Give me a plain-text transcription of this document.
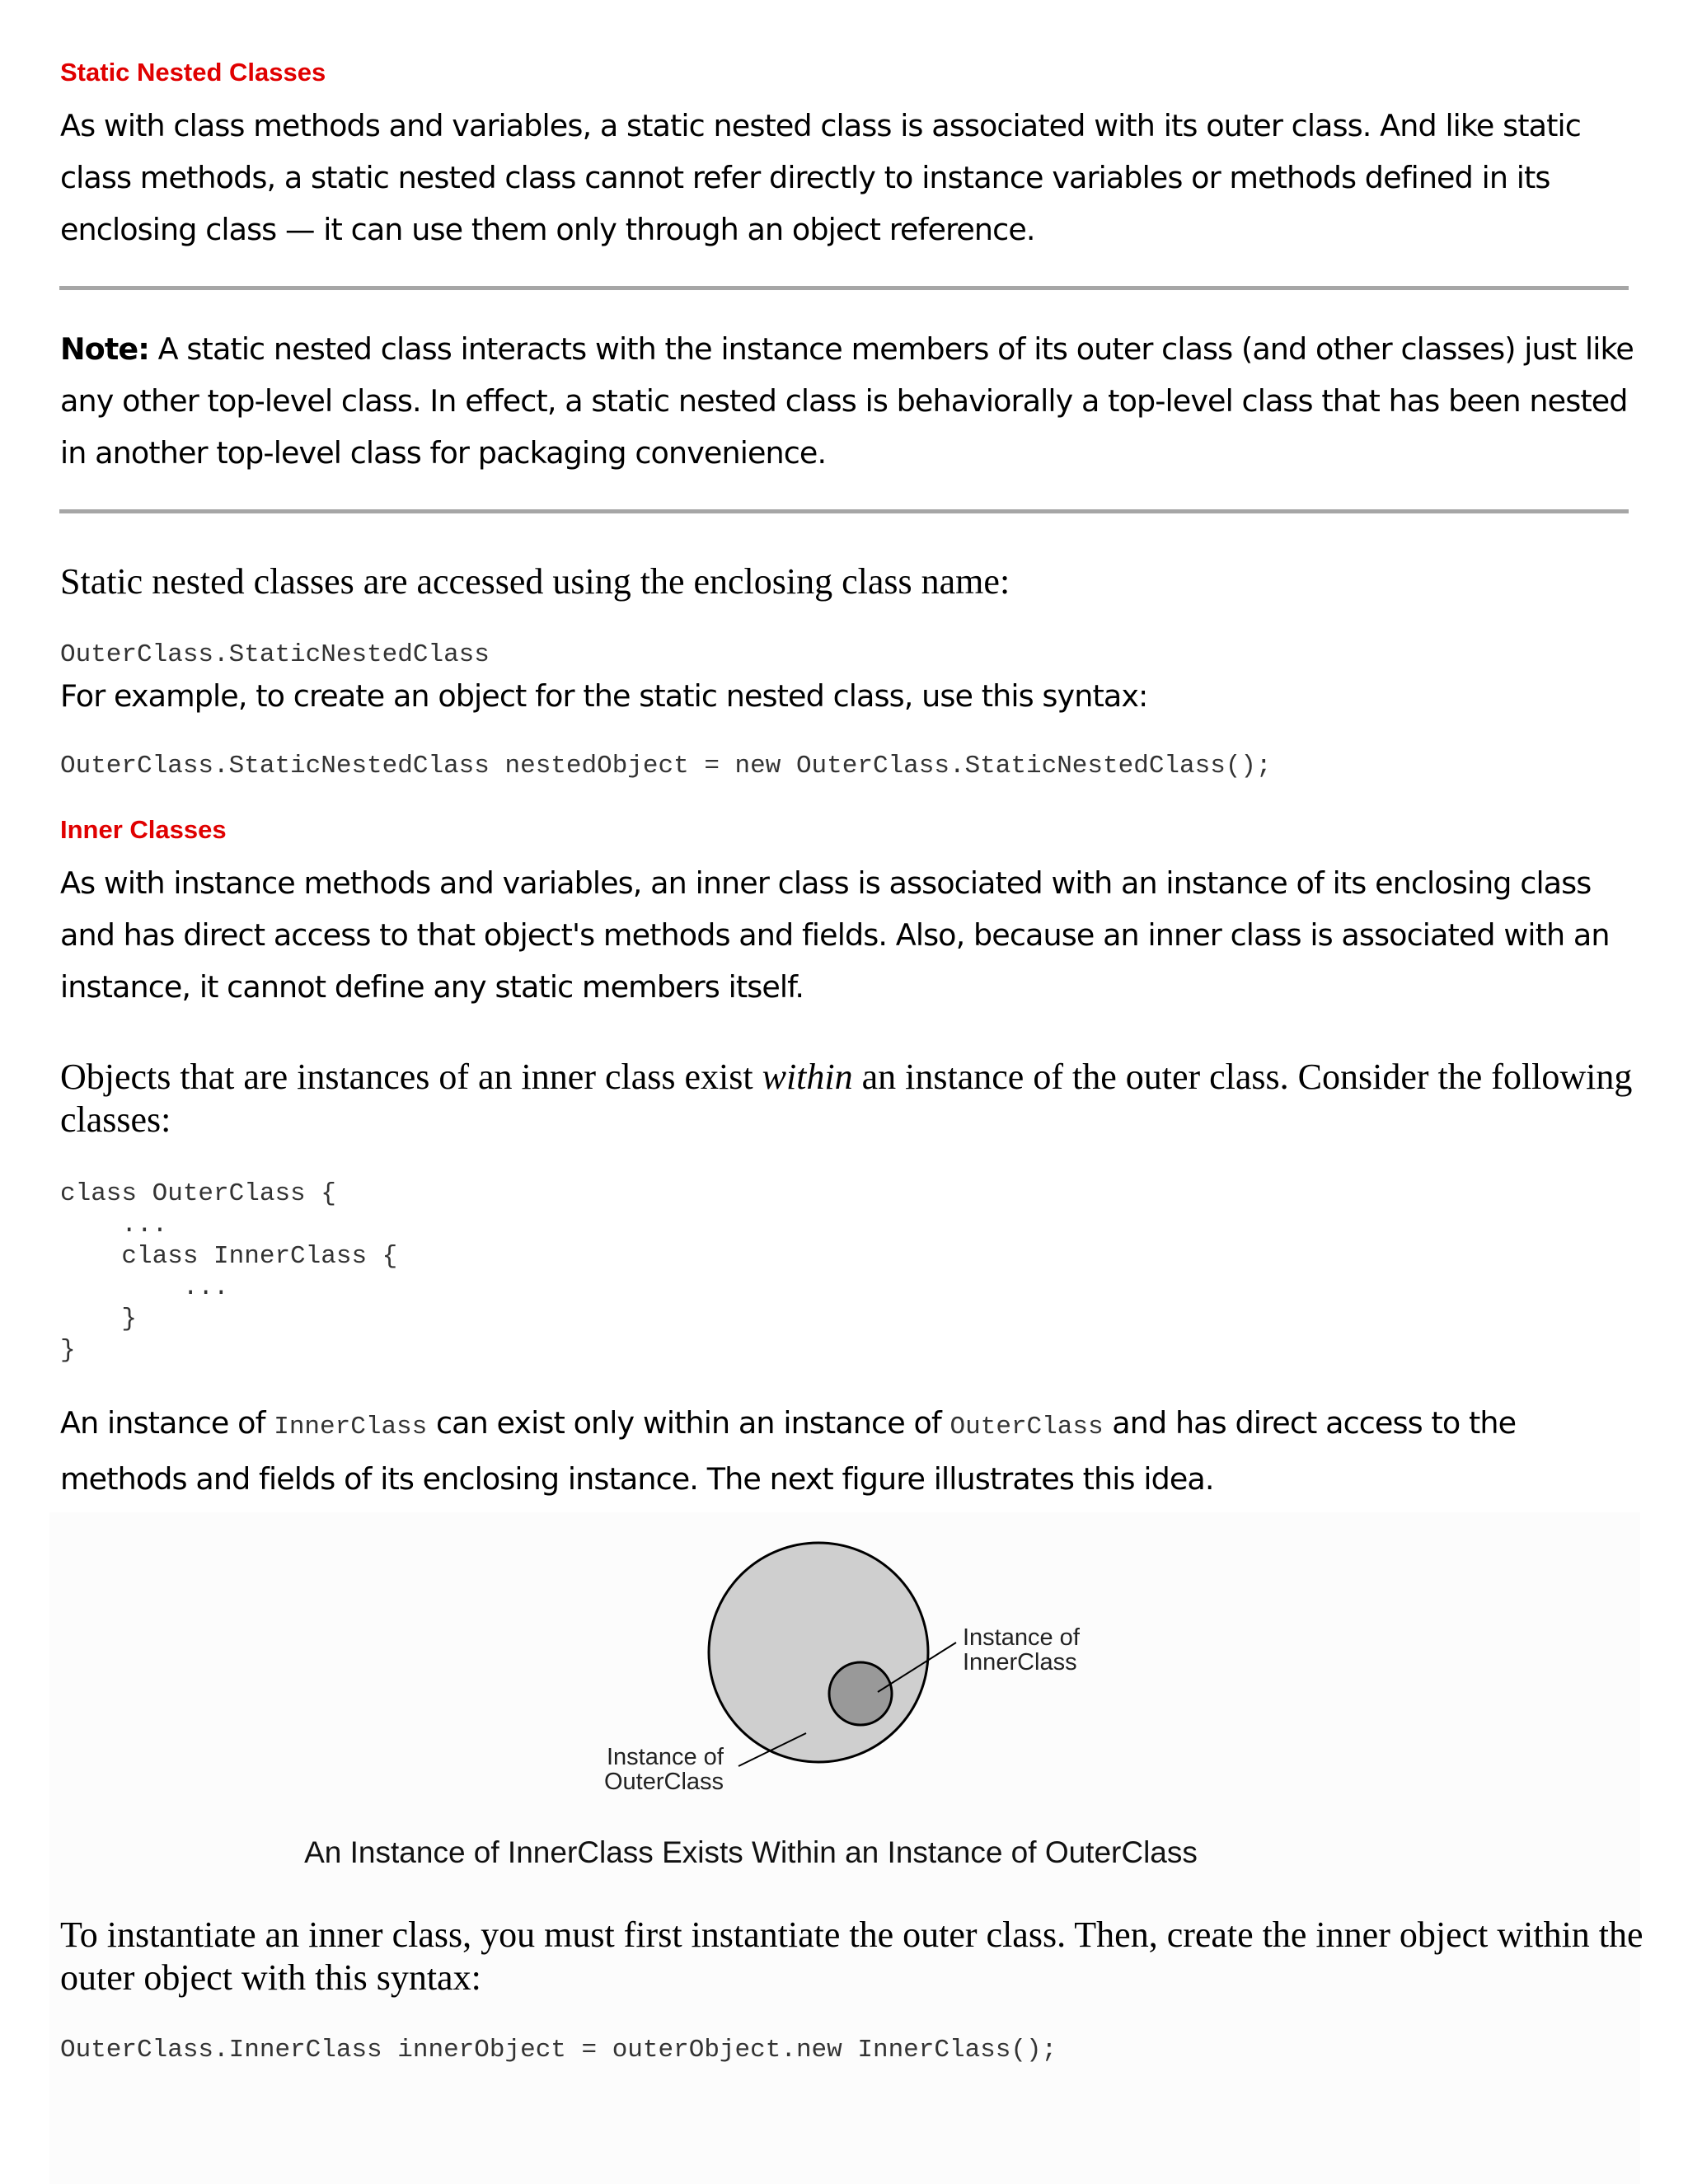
Static Nested Classes

As with class methods and variables, a static nested class is associated with its outer class. And like static class methods, a static nested class cannot refer directly to instance variables or methods defined in its enclosing class — it can use them only through an object reference.

Note: A static nested class interacts with the instance members of its outer class (and other classes) just like any other top-level class. In effect, a static nested class is behaviorally a top-level class that has been nested in another top-level class for packaging convenience.

Static nested classes are accessed using the enclosing class name:

OuterClass.StaticNestedClass

For example, to create an object for the static nested class, use this syntax:

OuterClass.StaticNestedClass nestedObject = new OuterClass.StaticNestedClass();
Inner Classes

As with instance methods and variables, an inner class is associated with an instance of its enclosing class and has direct access to that object's methods and fields. Also, because an inner class is associated with an instance, it cannot define any static members itself.

Objects that are instances of an inner class exist within an instance of the outer class. Consider the following classes:

class OuterClass {
...
class InnerClass {
...
}
}

An instance of InnerClass can exist only within an instance of OuterClass and has direct access to the methods and fields of its enclosing instance. The next figure illustrates this idea.

Instance of
InnerClass
Instance of
OuterClass

An Instance of InnerClass Exists Within an Instance of OuterClass

To instantiate an inner class, you must first instantiate the outer class. Then, create the inner object within the outer object with this syntax:

OuterClass.InnerClass innerObject = outerObject.new InnerClass();
